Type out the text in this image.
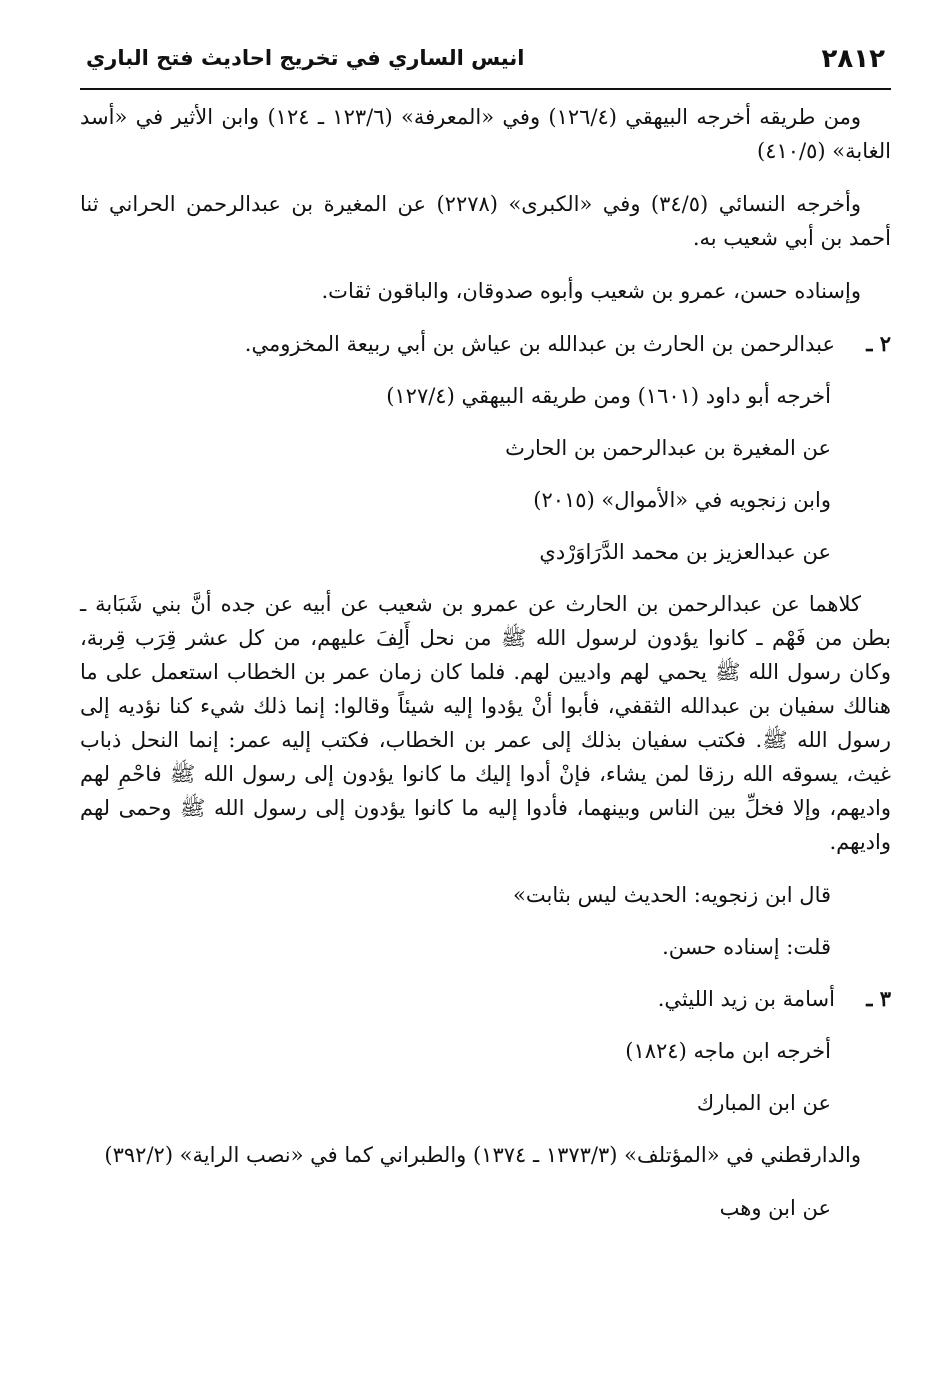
٢٨١٢
انيس الساري في تخريج احاديث فتح الباري

ومن طريقه أخرجه البيهقي (١٢٦/٤) وفي «المعرفة» (١٢٣/٦ ـ ١٢٤) وابن الأثير في «أسد الغابة» (٤١٠/٥)

وأخرجه النسائي (٣٤/٥) وفي «الكبرى» (٢٢٧٨) عن المغيرة بن عبدالرحمن الحراني ثنا أحمد بن أبي شعيب به.

وإسناده حسن، عمرو بن شعيب وأبوه صدوقان، والباقون ثقات.

٢ ـعبدالرحمن بن الحارث بن عبدالله بن عياش بن أبي ربيعة المخزومي.

أخرجه أبو داود (١٦٠١) ومن طريقه البيهقي (١٢٧/٤)

عن المغيرة بن عبدالرحمن بن الحارث

وابن زنجويه في «الأموال» (٢٠١٥)

عن عبدالعزيز بن محمد الدَّرَاوَرْدي

كلاهما عن عبدالرحمن بن الحارث عن عمرو بن شعيب عن أبيه عن جده أنَّ بني شَبَابة ـ بطن من فَهْم ـ كانوا يؤدون لرسول الله ﷺ من نحل أَلِفَ عليهم، من كل عشر قِرَب قِربة، وكان رسول الله ﷺ يحمي لهم واديين لهم. فلما كان زمان عمر بن الخطاب استعمل على ما هنالك سفيان بن عبدالله الثقفي، فأبوا أنْ يؤدوا إليه شيئاً وقالوا: إنما ذلك شيء كنا نؤديه إلى رسول الله ﷺ. فكتب سفيان بذلك إلى عمر بن الخطاب، فكتب إليه عمر: إنما النحل ذباب غيث، يسوقه الله رزقا لمن يشاء، فإنْ أدوا إليك ما كانوا يؤدون إلى رسول الله ﷺ فاحْمِ لهم واديهم، وإلا فخلِّ بين الناس وبينهما، فأدوا إليه ما كانوا يؤدون إلى رسول الله ﷺ وحمى لهم واديهم.

قال ابن زنجويه: الحديث ليس بثابت»

قلت: إسناده حسن.

٣ ـأسامة بن زيد الليثي.

أخرجه ابن ماجه (١٨٢٤)

عن ابن المبارك

والدارقطني في «المؤتلف» (١٣٧٣/٣ ـ ١٣٧٤) والطبراني كما في «نصب الراية» (٣٩٢/٢)

عن ابن وهب
